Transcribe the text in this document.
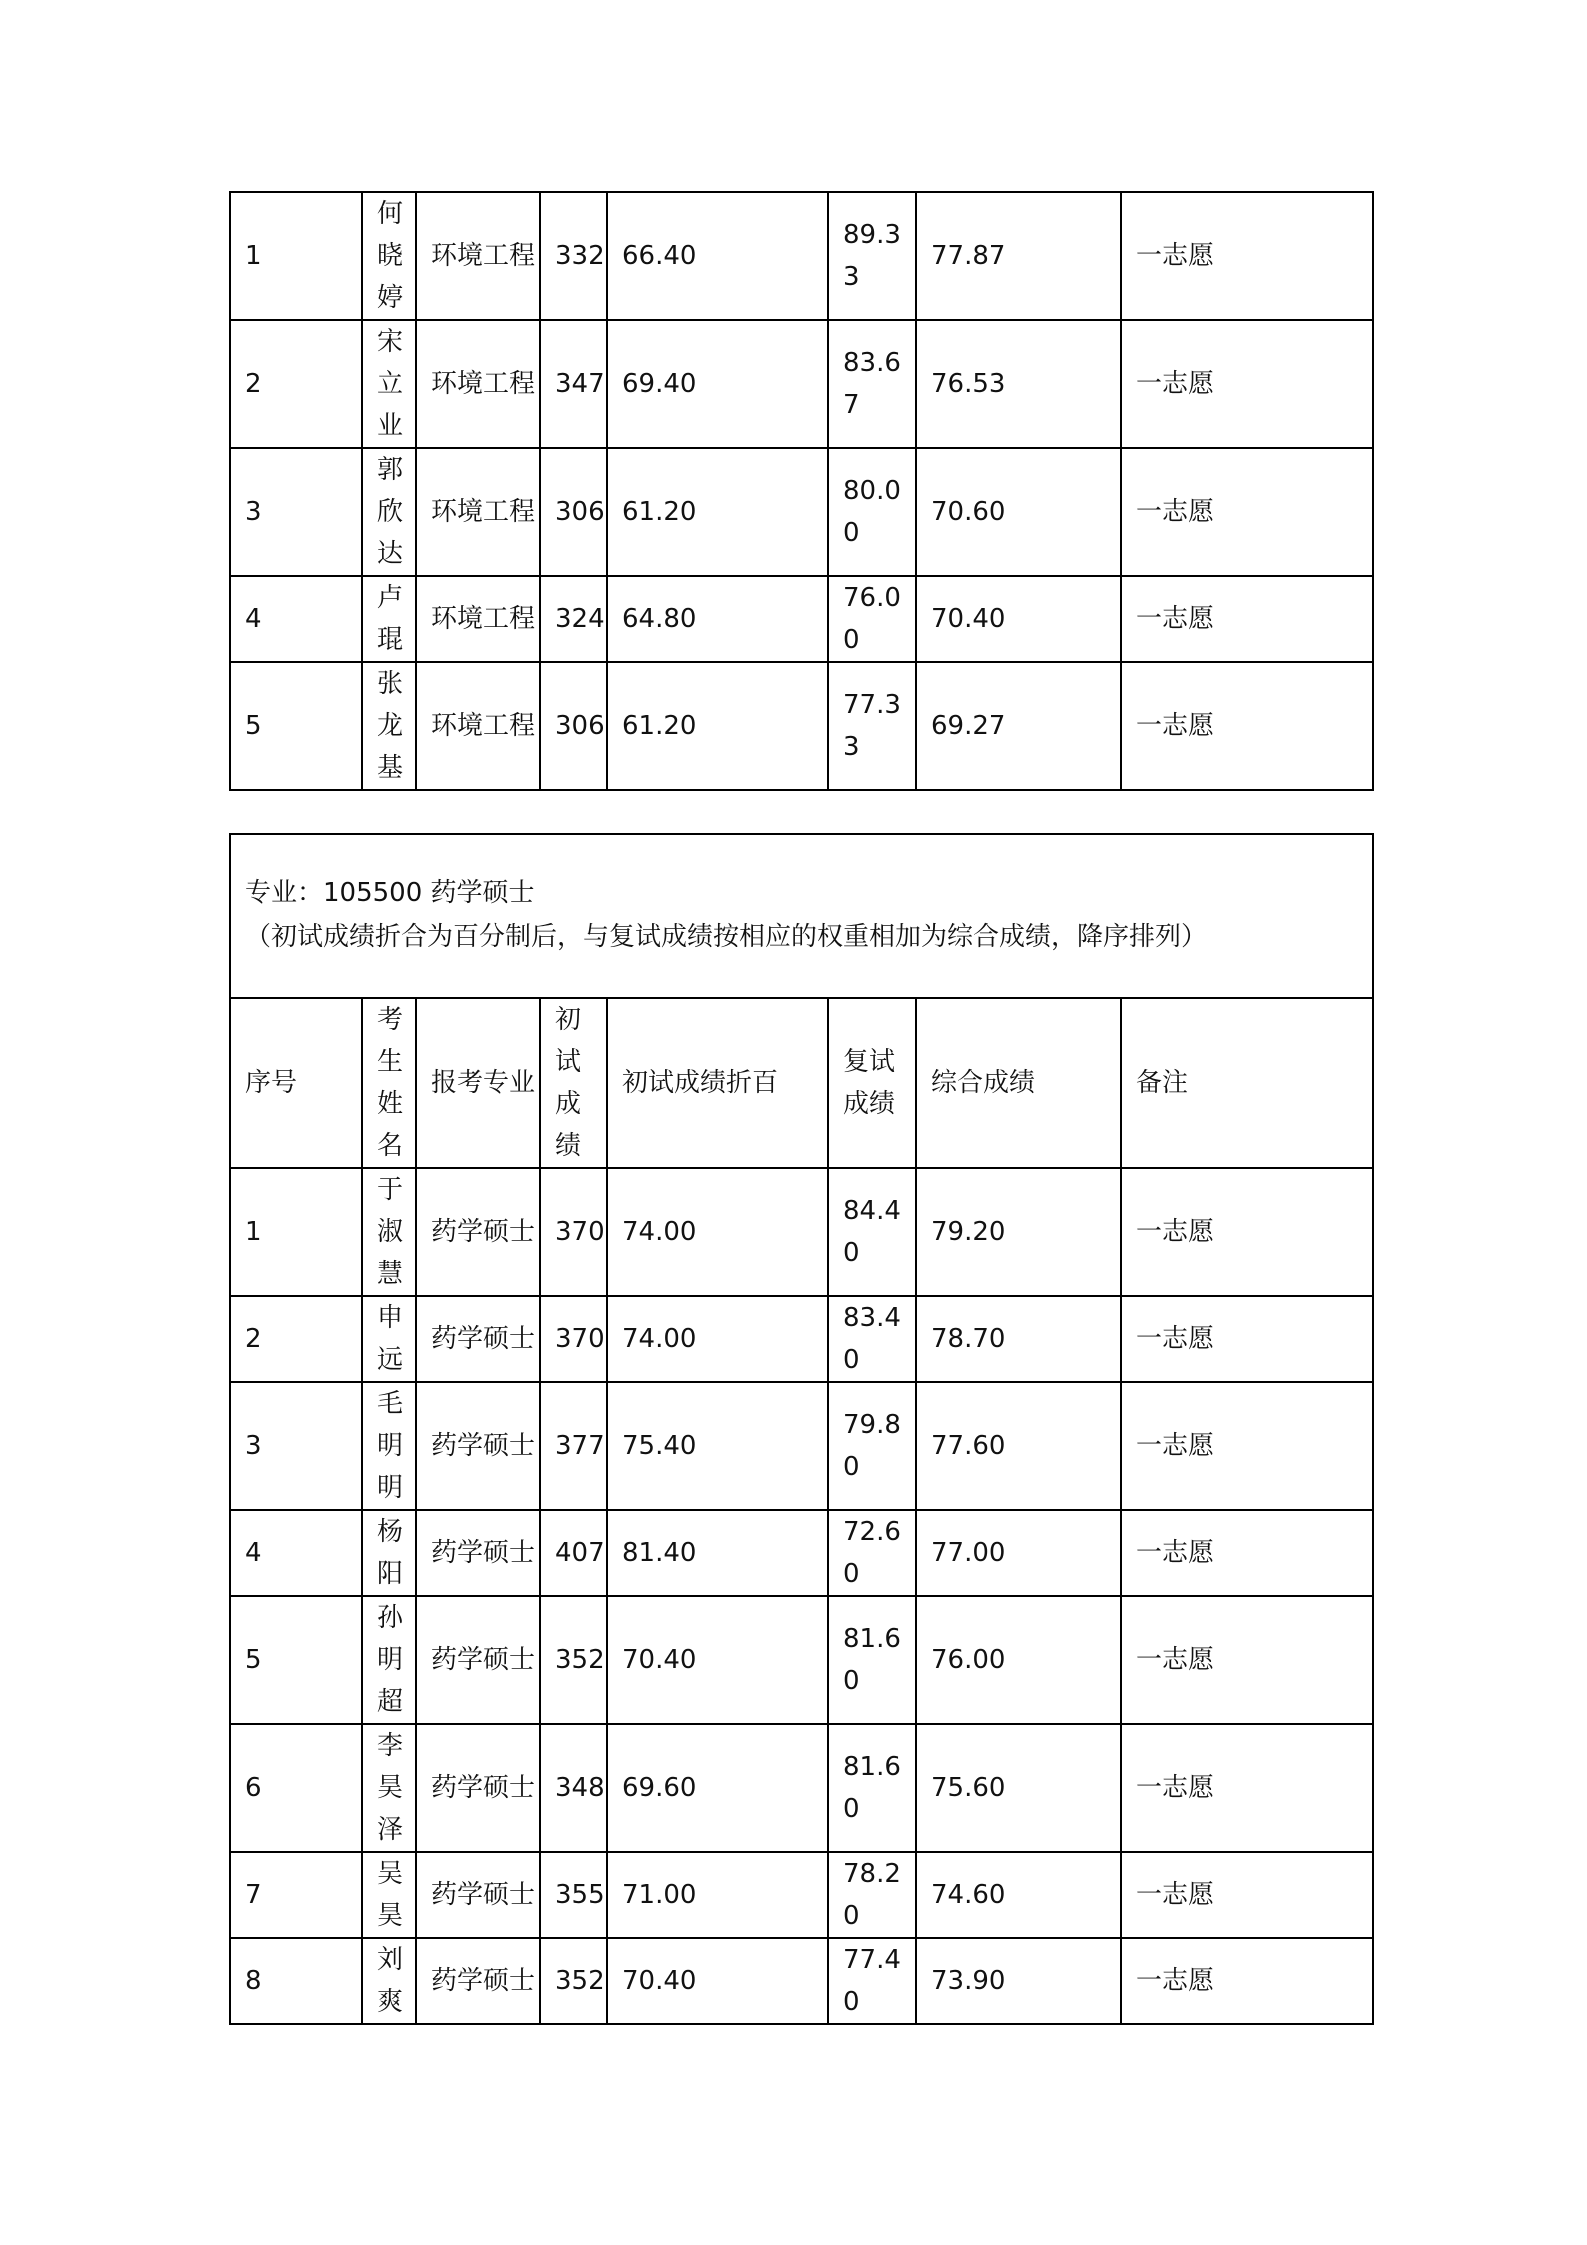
1	何晓婷	环境工程	332	66.40	89.33	77.87	一志愿
2	宋立业	环境工程	347	69.40	83.67	76.53	一志愿
3	郭欣达	环境工程	306	61.20	80.00	70.60	一志愿
4	卢琨	环境工程	324	64.80	76.00	70.40	一志愿
5	张龙基	环境工程	306	61.20	77.33	69.27	一志愿
专业：105500 药学硕士
（初试成绩折合为百分制后，与复试成绩按相应的权重相加为综合成绩，降序排列）							

序号	考生姓名	报考专业	初试成绩	初试成绩折百	复试成绩	综合成绩	备注
1	于淑慧	药学硕士	370	74.00	84.40	79.20	一志愿
2	申远	药学硕士	370	74.00	83.40	78.70	一志愿
3	毛明明	药学硕士	377	75.40	79.80	77.60	一志愿
4	杨阳	药学硕士	407	81.40	72.60	77.00	一志愿
5	孙明超	药学硕士	352	70.40	81.60	76.00	一志愿
6	李昊泽	药学硕士	348	69.60	81.60	75.60	一志愿
7	吴昊	药学硕士	355	71.00	78.20	74.60	一志愿
8	刘爽	药学硕士	352	70.40	77.40	73.90	一志愿
